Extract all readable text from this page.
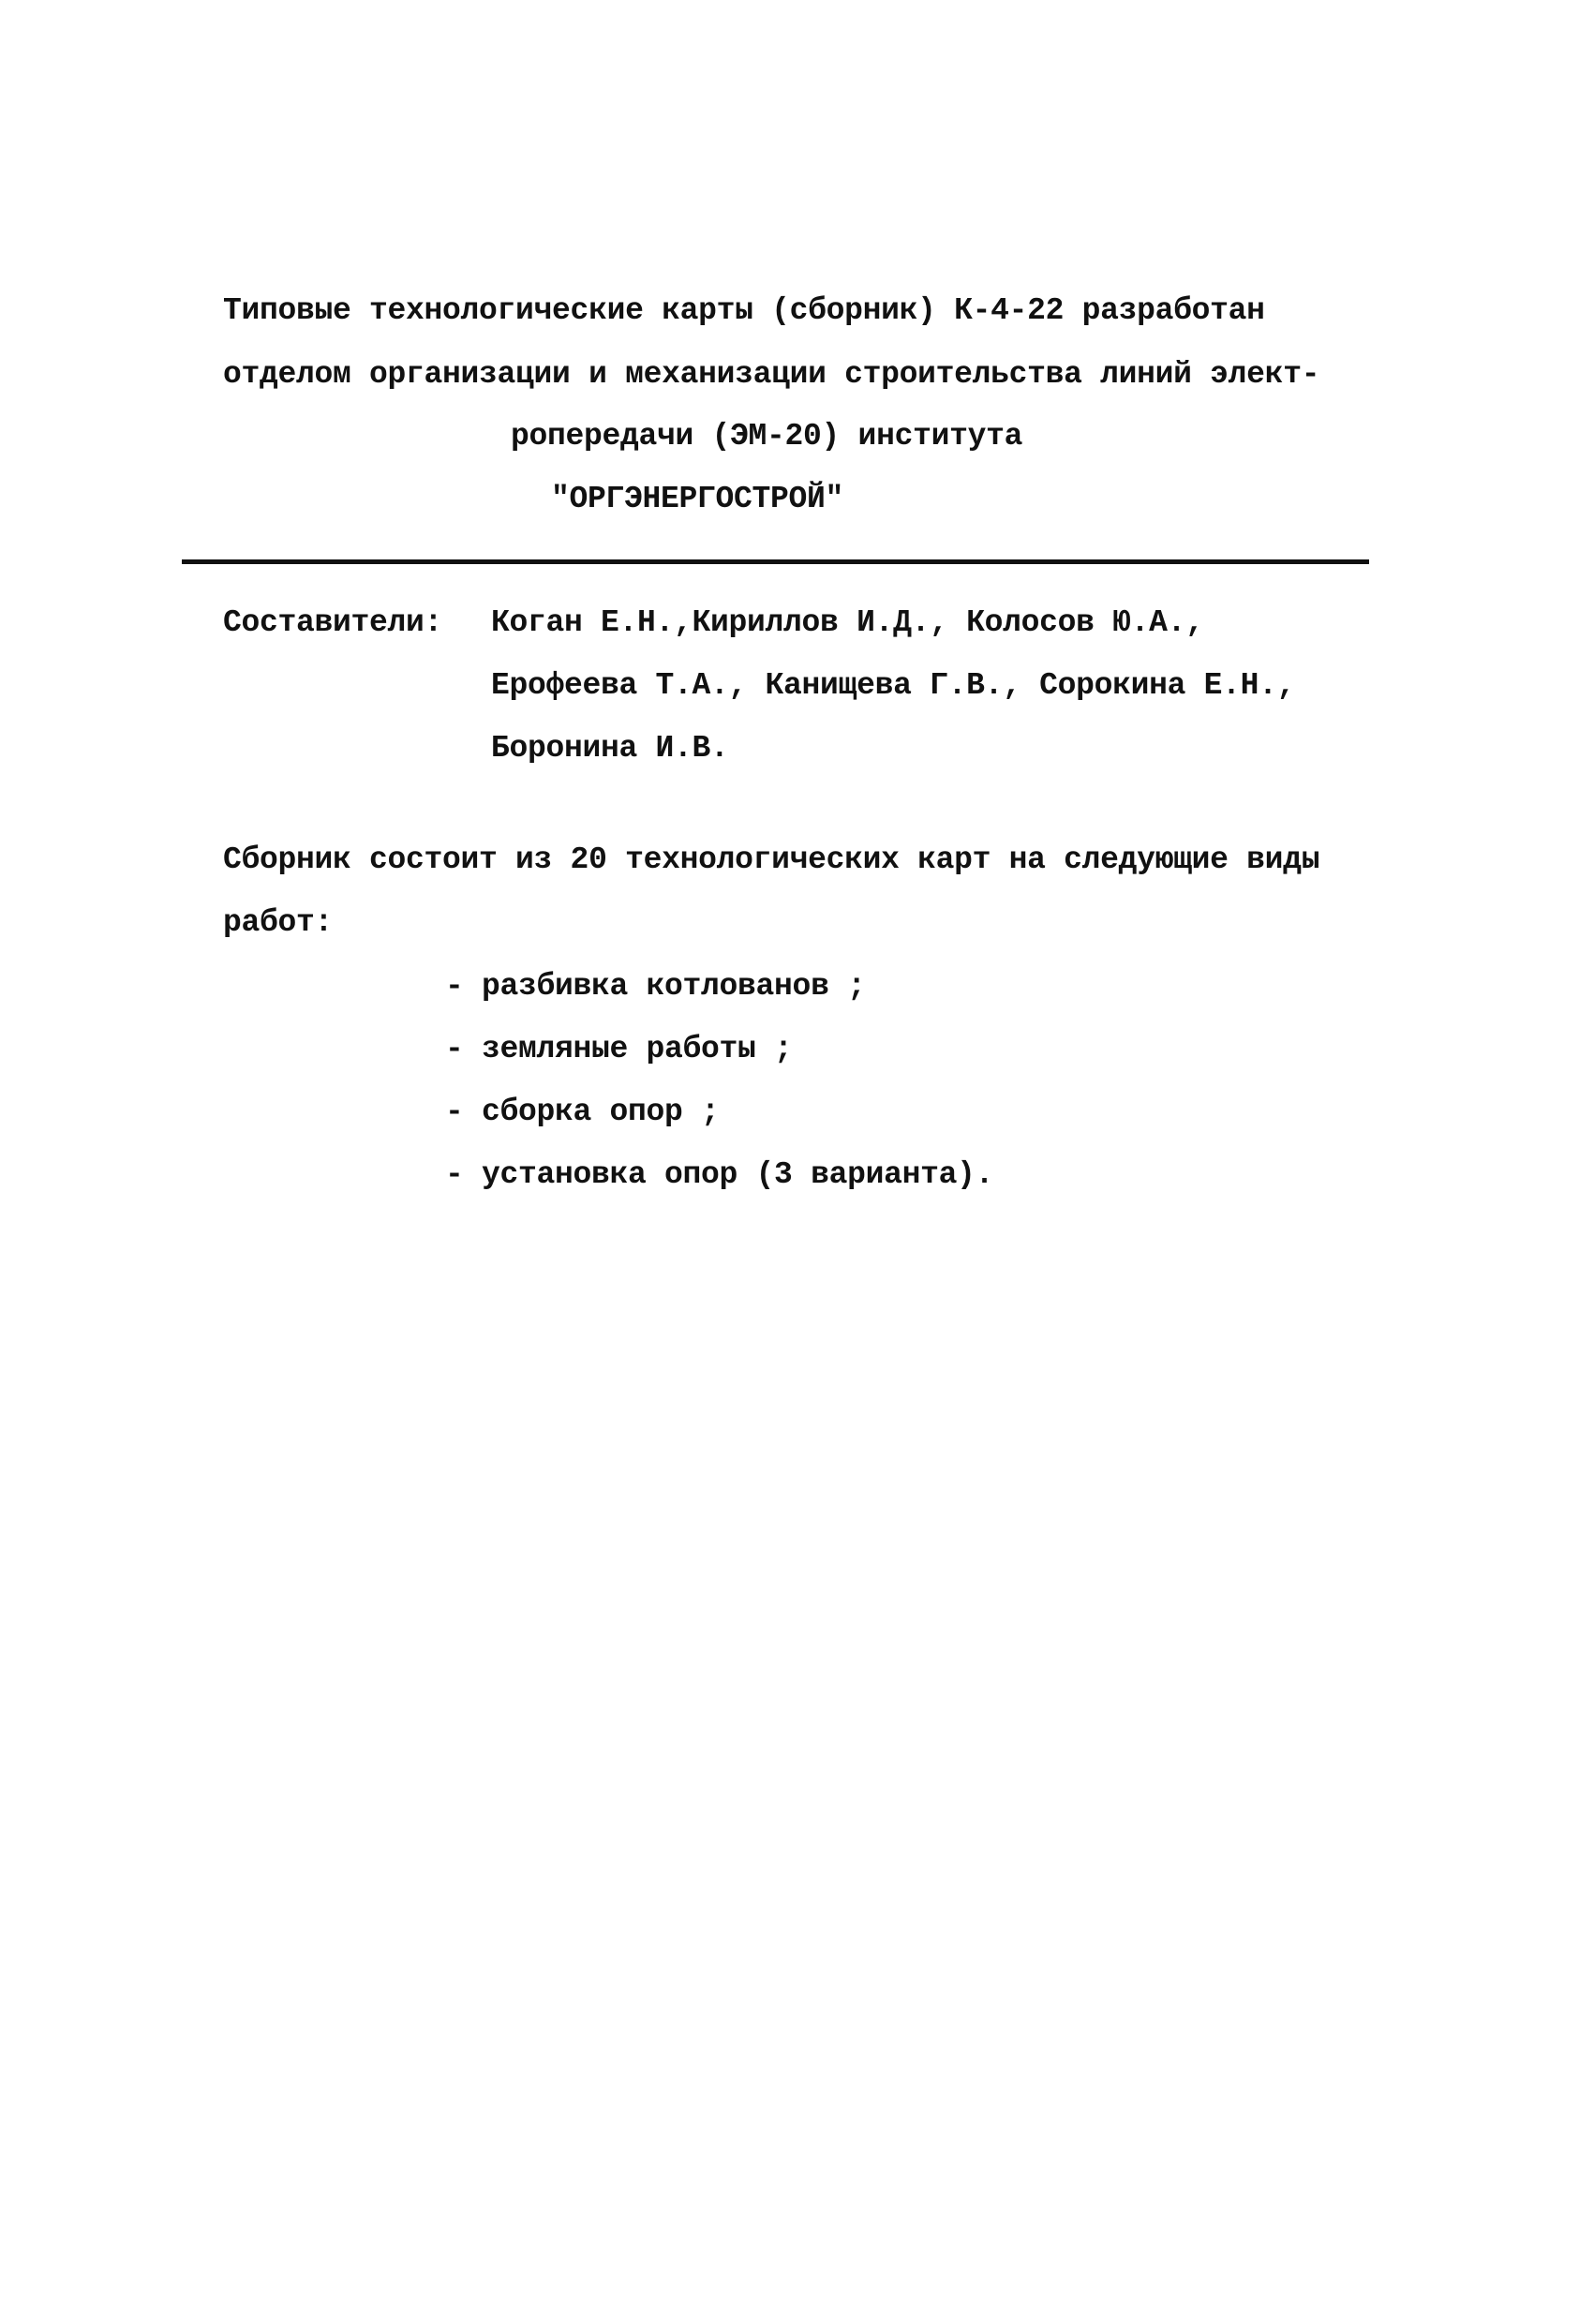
Типовые технологические карты (сборник) К-4-22 разработан
отделом организации и механизации строительства линий элект-
ропередачи (ЭМ-20) института
"ОРГЭНЕРГОСТРОЙ"
Составители: Коган Е.Н.,Кириллов И.Д., Колосов Ю.А.,
Ерофеева Т.А., Канищева Г.В., Сорокина Е.Н.,
Боронина И.В.
Сборник состоит из 20 технологических карт на следующие виды
работ:
- разбивка котлованов ;
- земляные работы ;
- сборка опор ;
- установка опор (3 варианта).
